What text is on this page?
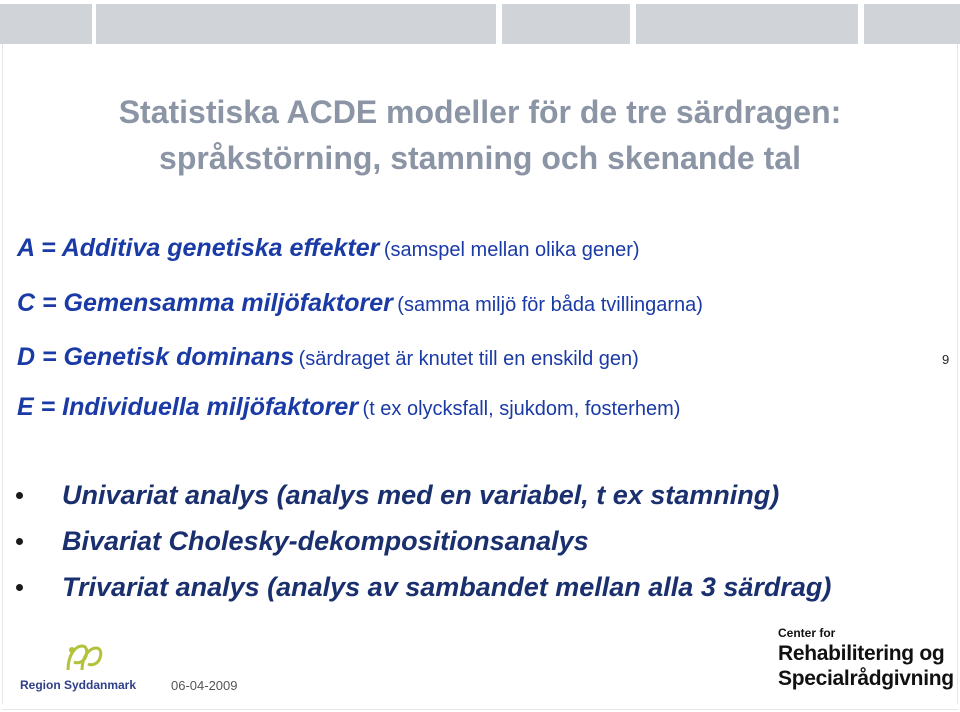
Statistiska ACDE modeller för de tre särdragen:
språkstörning, stamning och skenande tal
A = Additiva genetiska effekter (samspel mellan olika gener)
C = Gemensamma miljöfaktorer (samma miljö för båda tvillingarna)
D = Genetisk dominans (särdraget är knutet till en enskild gen)
E = Individuella miljöfaktorer (t ex olycksfall, sjukdom, fosterhem)
9
Univariat analys (analys med en variabel, t ex stamning)
Bivariat Cholesky-dekompositionsanalys
Trivariat analys (analys av sambandet mellan alla 3 särdrag)
Region Syddanmark	06-04-2009
Center for
Rehabilitering og
Specialrådgivning
